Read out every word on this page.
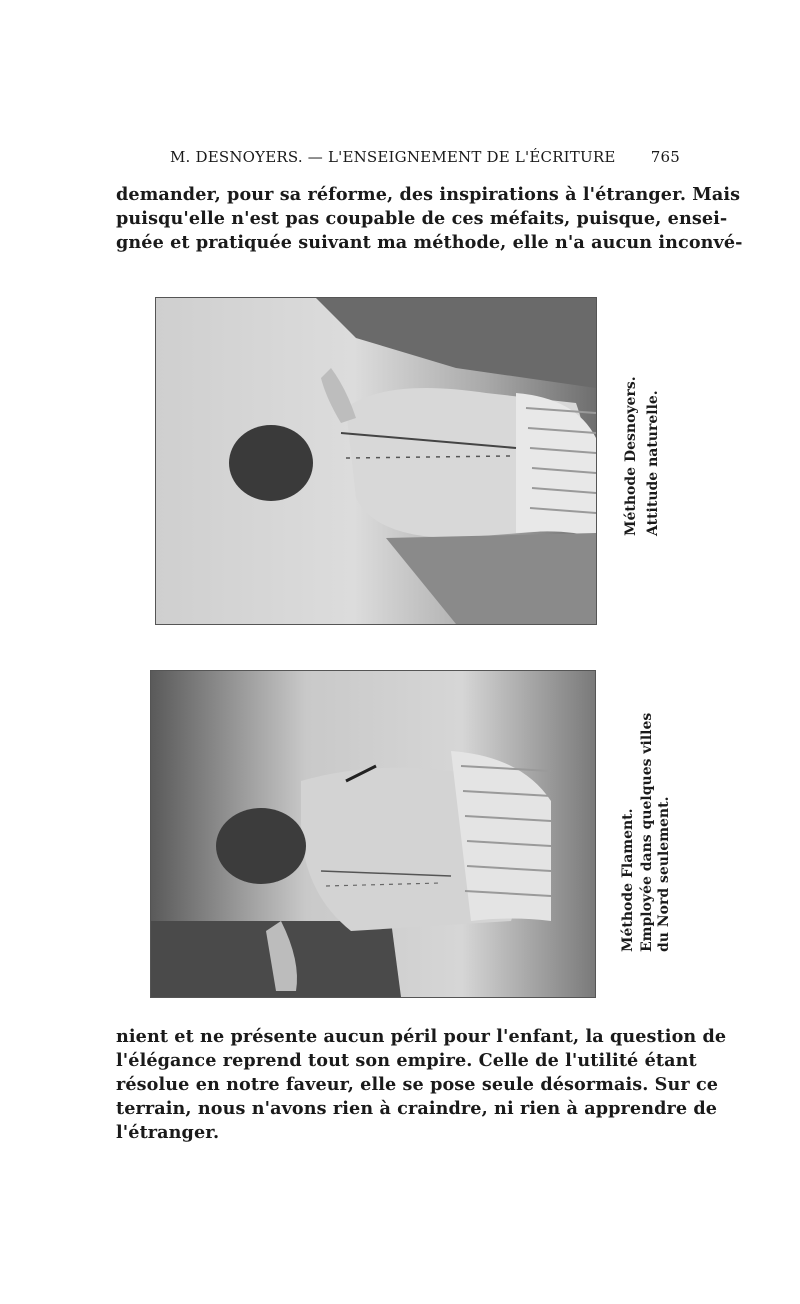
M. DESNOYERS. — L'ENSEIGNEMENT DE L'ÉCRITURE 765
demander, pour sa réforme, des inspirations à l'étranger. Mais
puisqu'elle n'est pas coupable de ces méfaits, puisque, ensei-
gnée et pratiquée suivant ma méthode, elle n'a aucun inconvé-
Méthode Desnoyers. Attitude naturelle.
Méthode Flament. Employée dans quelques villes du Nord seulement.
nient et ne présente aucun péril pour l'enfant, la question de
l'élégance reprend tout son empire. Celle de l'utilité étant
résolue en notre faveur, elle se pose seule désormais. Sur ce
terrain, nous n'avons rien à craindre, ni rien à apprendre de
l'étranger.
